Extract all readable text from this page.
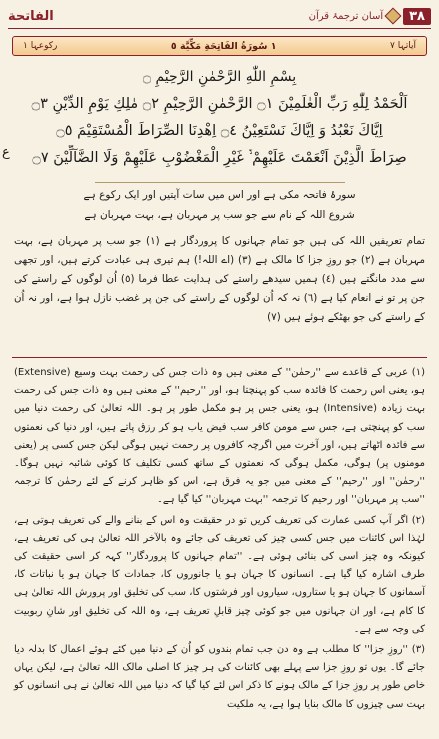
الفاتحة	۳۸
آسان ترجمۂ قرآن
آیاتہا ٧
۱ سُورَةُ الفَاتِحَةِ مَكِّيَّة ٥
رکوعہا ١
بِسْمِ اللّٰهِ الرَّحْمٰنِ الرَّحِيْمِ ۝
اَلْحَمْدُ لِلّٰهِ رَبِّ الْعٰلَمِيْنَ ۝١ الرَّحْمٰنِ الرَّحِيْمِ ۝٢ مٰلِكِ يَوْمِ الدِّيْنِ ۝٣
اِيَّاكَ نَعْبُدُ وَ اِيَّاكَ نَسْتَعِيْنُ ۝٤ اِهْدِنَا الصِّرَاطَ الْمُسْتَقِيْمَ ۝٥
صِرَاطَ الَّذِيْنَ اَنْعَمْتَ عَلَيْهِمْ ۙ۬ غَيْرِ الْمَغْضُوْبِ عَلَيْهِمْ وَلَا الضَّآلِّيْنَ ۝٧
ع
سورۂ فاتحہ مکی ہے اور اس میں سات آیتیں اور ایک رکوع ہے
شروع اللہ کے نام سے جو سب پر مہربان ہے، بہت مہربان ہے
تمام تعریفیں اللہ کی ہیں جو تمام جہانوں کا پروردگار ہے (١) جو سب پر مہربان ہے، بہت مہربان ہے (٢) جو روزِ جزا کا مالک ہے (٣) (اے اللہ!) ہم تیری ہی عبادت کرتے ہیں، اور تجھی سے مدد مانگتے ہیں (٤) ہمیں سیدھے راستے کی ہدایت عطا فرما (٥) اُن لوگوں کے راستے کی جن پر تو نے انعام کیا ہے (٦) نہ کہ اُن لوگوں کے راستے کی جن پر غضب نازل ہوا ہے، اور نہ اُن کے راستے کی جو بھٹکے ہوئے ہیں (٧)

(١) عربی کے قاعدے سے ''رحمٰن'' کے معنی ہیں وہ ذات جس کی رحمت بہت وسیع (Extensive) ہو، یعنی اس رحمت کا فائدہ سب کو پہنچتا ہو، اور ''رحیم'' کے معنی ہیں وہ ذات جس کی رحمت بہت زیادہ (Intensive) ہو، یعنی جس پر ہو مکمل طور پر ہو۔ اللہ تعالیٰ کی رحمت دنیا میں سب کو پہنچتی ہے، جس سے مومن کافر سب فیض یاب ہو کر رزق پاتے ہیں، اور دنیا کی نعمتوں سے فائدہ اٹھاتے ہیں، اور آخرت میں اگرچہ کافروں پر رحمت نہیں ہوگی لیکن جس کسی پر (یعنی مومنوں پر) ہوگی، مکمل ہوگی کہ نعمتوں کے ساتھ کسی تکلیف کا کوئی شائبہ نہیں ہوگا۔ ''رحمٰن'' اور ''رحیم'' کے معنی میں جو یہ فرق ہے، اس کو ظاہر کرنے کے لئے رحمٰن کا ترجمہ ''سب پر مہربان'' اور رحیم کا ترجمہ ''بہت مہربان'' کیا گیا ہے۔

(٢) اگر آپ کسی عمارت کی تعریف کریں تو در حقیقت وہ اس کے بنانے والے کی تعریف ہوتی ہے، لہٰذا اس کائنات میں جس کسی چیز کی تعریف کی جائے وہ بالآخر اللہ تعالیٰ ہی کی تعریف ہے، کیونکہ وہ چیز اسی کی بنائی ہوئی ہے۔ ''تمام جہانوں کا پروردگار'' کہہ کر اسی حقیقت کی طرف اشارہ کیا گیا ہے۔ انسانوں کا جہان ہو یا جانوروں کا، جمادات کا جہان ہو یا نباتات کا، آسمانوں کا جہان ہو یا ستاروں، سیاروں اور فرشتوں کا، سب کی تخلیق اور پرورش اللہ تعالیٰ ہی کا کام ہے، اور ان جہانوں میں جو کوئی چیز قابلِ تعریف ہے، وہ اللہ کی تخلیق اور شانِ ربوبیت کی وجہ سے ہے۔

(٣) ''روزِ جزا'' کا مطلب ہے وہ دن جب تمام بندوں کو اُن کے دنیا میں کئے ہوئے اعمال کا بدلہ دیا جائے گا۔ یوں تو روزِ جزا سے پہلے بھی کائنات کی ہر چیز کا اصلی مالک اللہ تعالیٰ ہے، لیکن یہاں خاص طور پر روزِ جزا کے مالک ہونے کا ذکر اس لئے کیا گیا کہ دنیا میں اللہ تعالیٰ نے ہی انسانوں کو بہت سی چیزوں کا مالک بنایا ہوا ہے، یہ ملکیت
